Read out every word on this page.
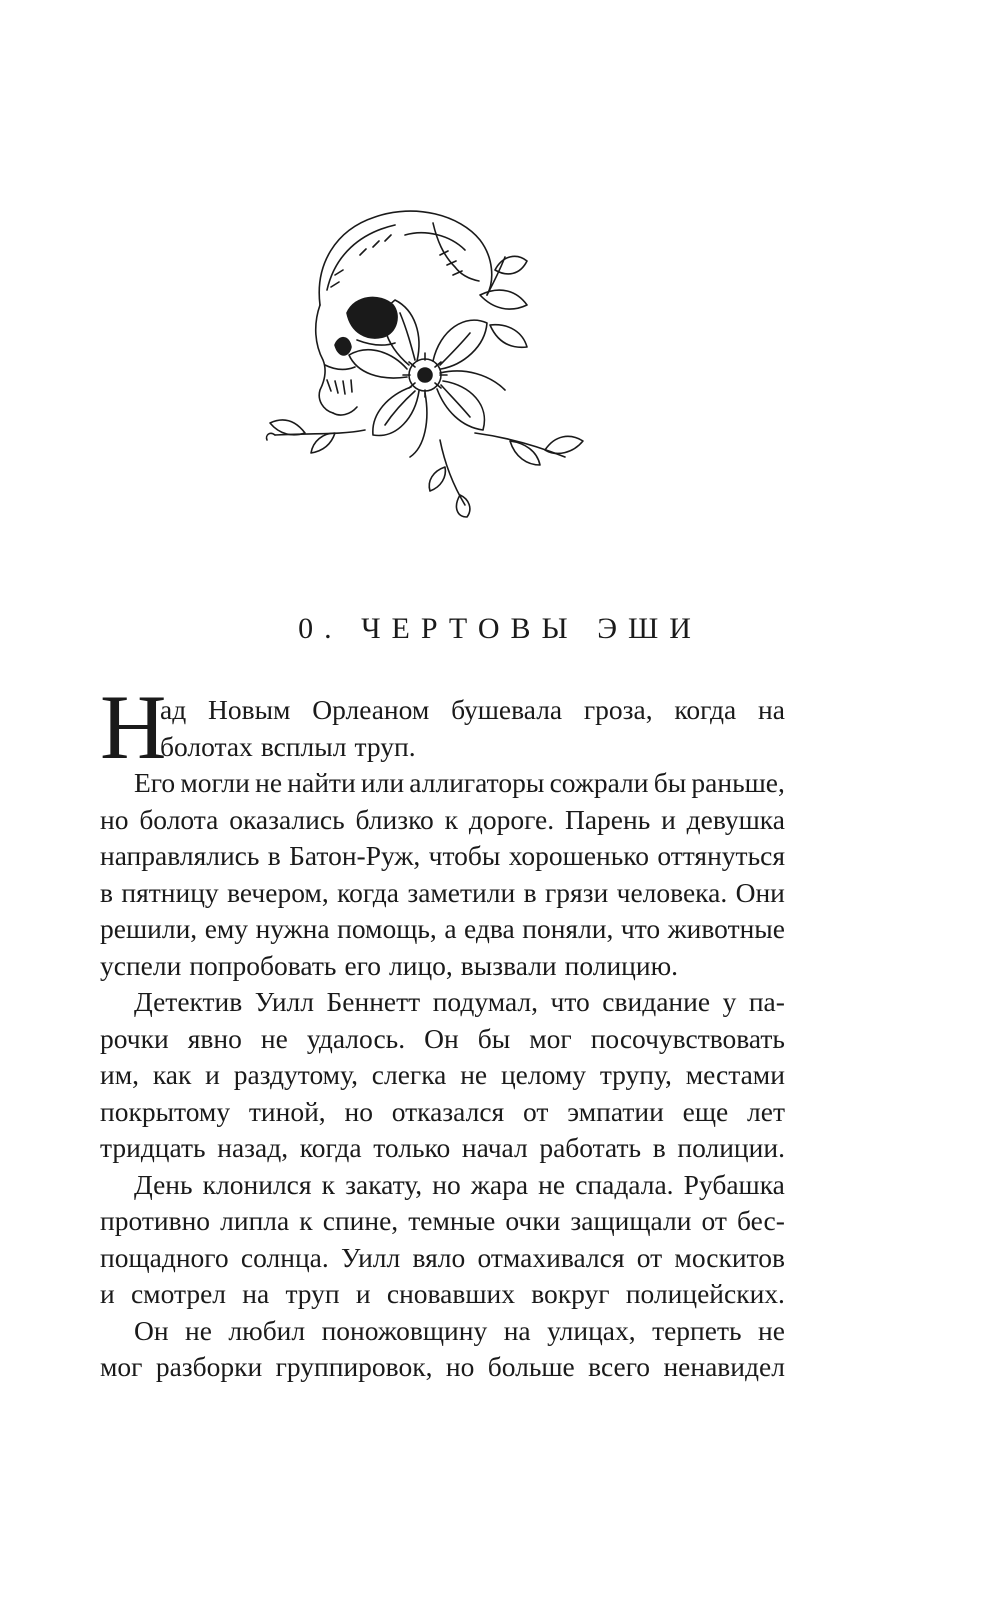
0. ЧЕРТОВЫ ЭШИ
Н
ад Новым Орлеаном бушевала гроза, когда на
болотах всплыл труп.
Его могли не найти или аллигаторы сожрали бы раньше,
но болота оказались близко к дороге. Парень и девушка
направлялись в Батон-Руж, чтобы хорошенько оттянуться
в пятницу вечером, когда заметили в грязи человека. Они
решили, ему нужна помощь, а едва поняли, что животные
успели попробовать его лицо, вызвали полицию.
Детектив Уилл Беннетт подумал, что свидание у па-
рочки явно не удалось. Он бы мог посочувствовать
им, как и раздутому, слегка не целому трупу, местами
покрытому тиной, но отказался от эмпатии еще лет
тридцать назад, когда только начал работать в полиции.
День клонился к закату, но жара не спадала. Рубашка
противно липла к спине, темные очки защищали от бес-
пощадного солнца. Уилл вяло отмахивался от москитов
и смотрел на труп и сновавших вокруг полицейских.
Он не любил поножовщину на улицах, терпеть не
мог разборки группировок, но больше всего ненавидел
